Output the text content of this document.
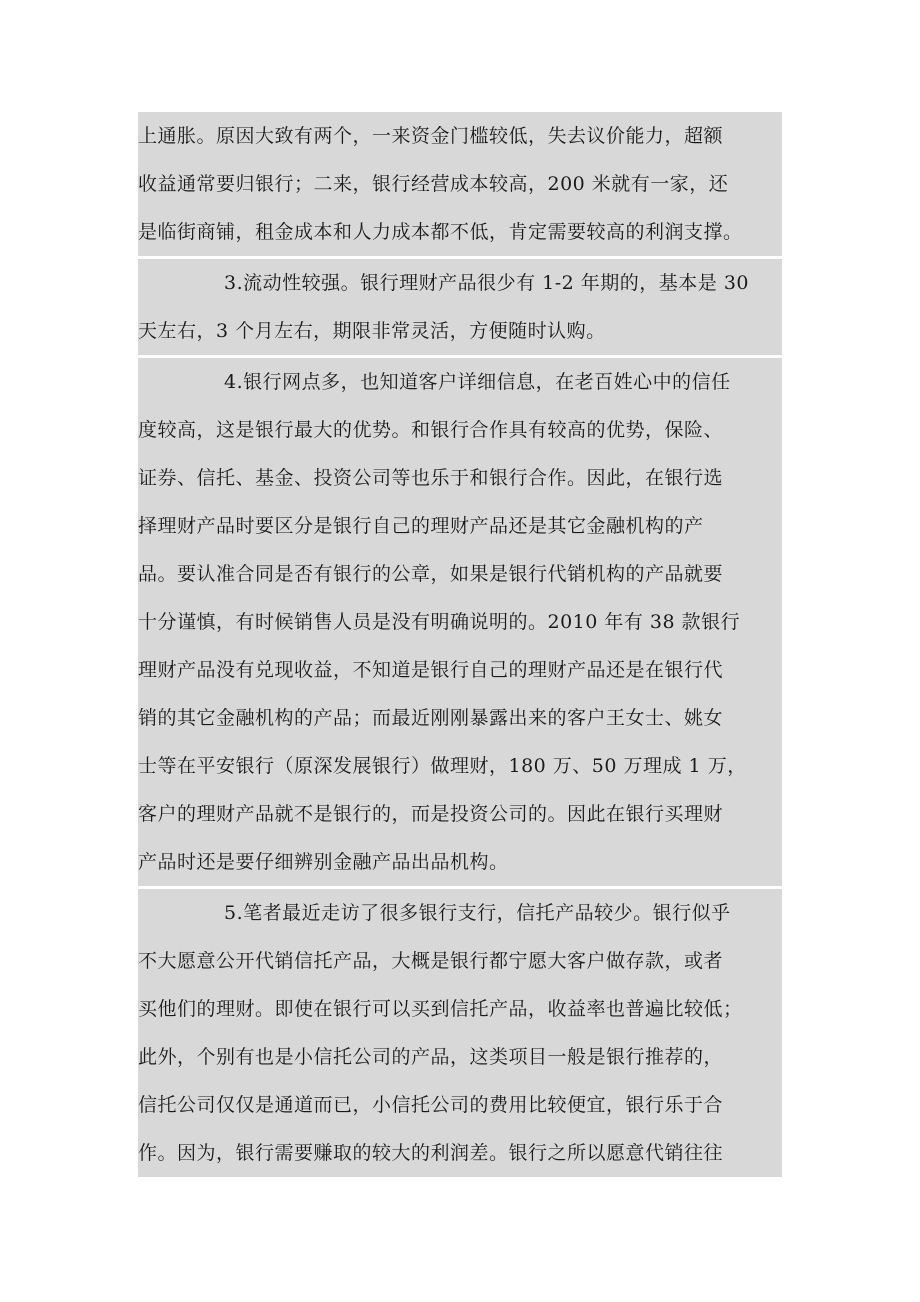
上通胀。原因大致有两个，一来资金门槛较低，失去议价能力，超额
收益通常要归银行；二来，银行经营成本较高，200 米就有一家，还
是临街商铺，租金成本和人力成本都不低，肯定需要较高的利润支撑。
3.流动性较强。银行理财产品很少有 1-2 年期的，基本是 30
天左右，3 个月左右，期限非常灵活，方便随时认购。
4.银行网点多，也知道客户详细信息，在老百姓心中的信任
度较高，这是银行最大的优势。和银行合作具有较高的优势，保险、
证券、信托、基金、投资公司等也乐于和银行合作。因此，在银行选
择理财产品时要区分是银行自己的理财产品还是其它金融机构的产
品。要认准合同是否有银行的公章，如果是银行代销机构的产品就要
十分谨慎，有时候销售人员是没有明确说明的。2010 年有 38 款银行
理财产品没有兑现收益，不知道是银行自己的理财产品还是在银行代
销的其它金融机构的产品；而最近刚刚暴露出来的客户王女士、姚女
士等在平安银行（原深发展银行）做理财，180 万、50 万理成 1 万，
客户的理财产品就不是银行的，而是投资公司的。因此在银行买理财
产品时还是要仔细辨别金融产品出品机构。
5.笔者最近走访了很多银行支行，信托产品较少。银行似乎
不大愿意公开代销信托产品，大概是银行都宁愿大客户做存款，或者
买他们的理财。即使在银行可以买到信托产品，收益率也普遍比较低；
此外，个别有也是小信托公司的产品，这类项目一般是银行推荐的，
信托公司仅仅是通道而已，小信托公司的费用比较便宜，银行乐于合
作。因为，银行需要赚取的较大的利润差。银行之所以愿意代销往往
